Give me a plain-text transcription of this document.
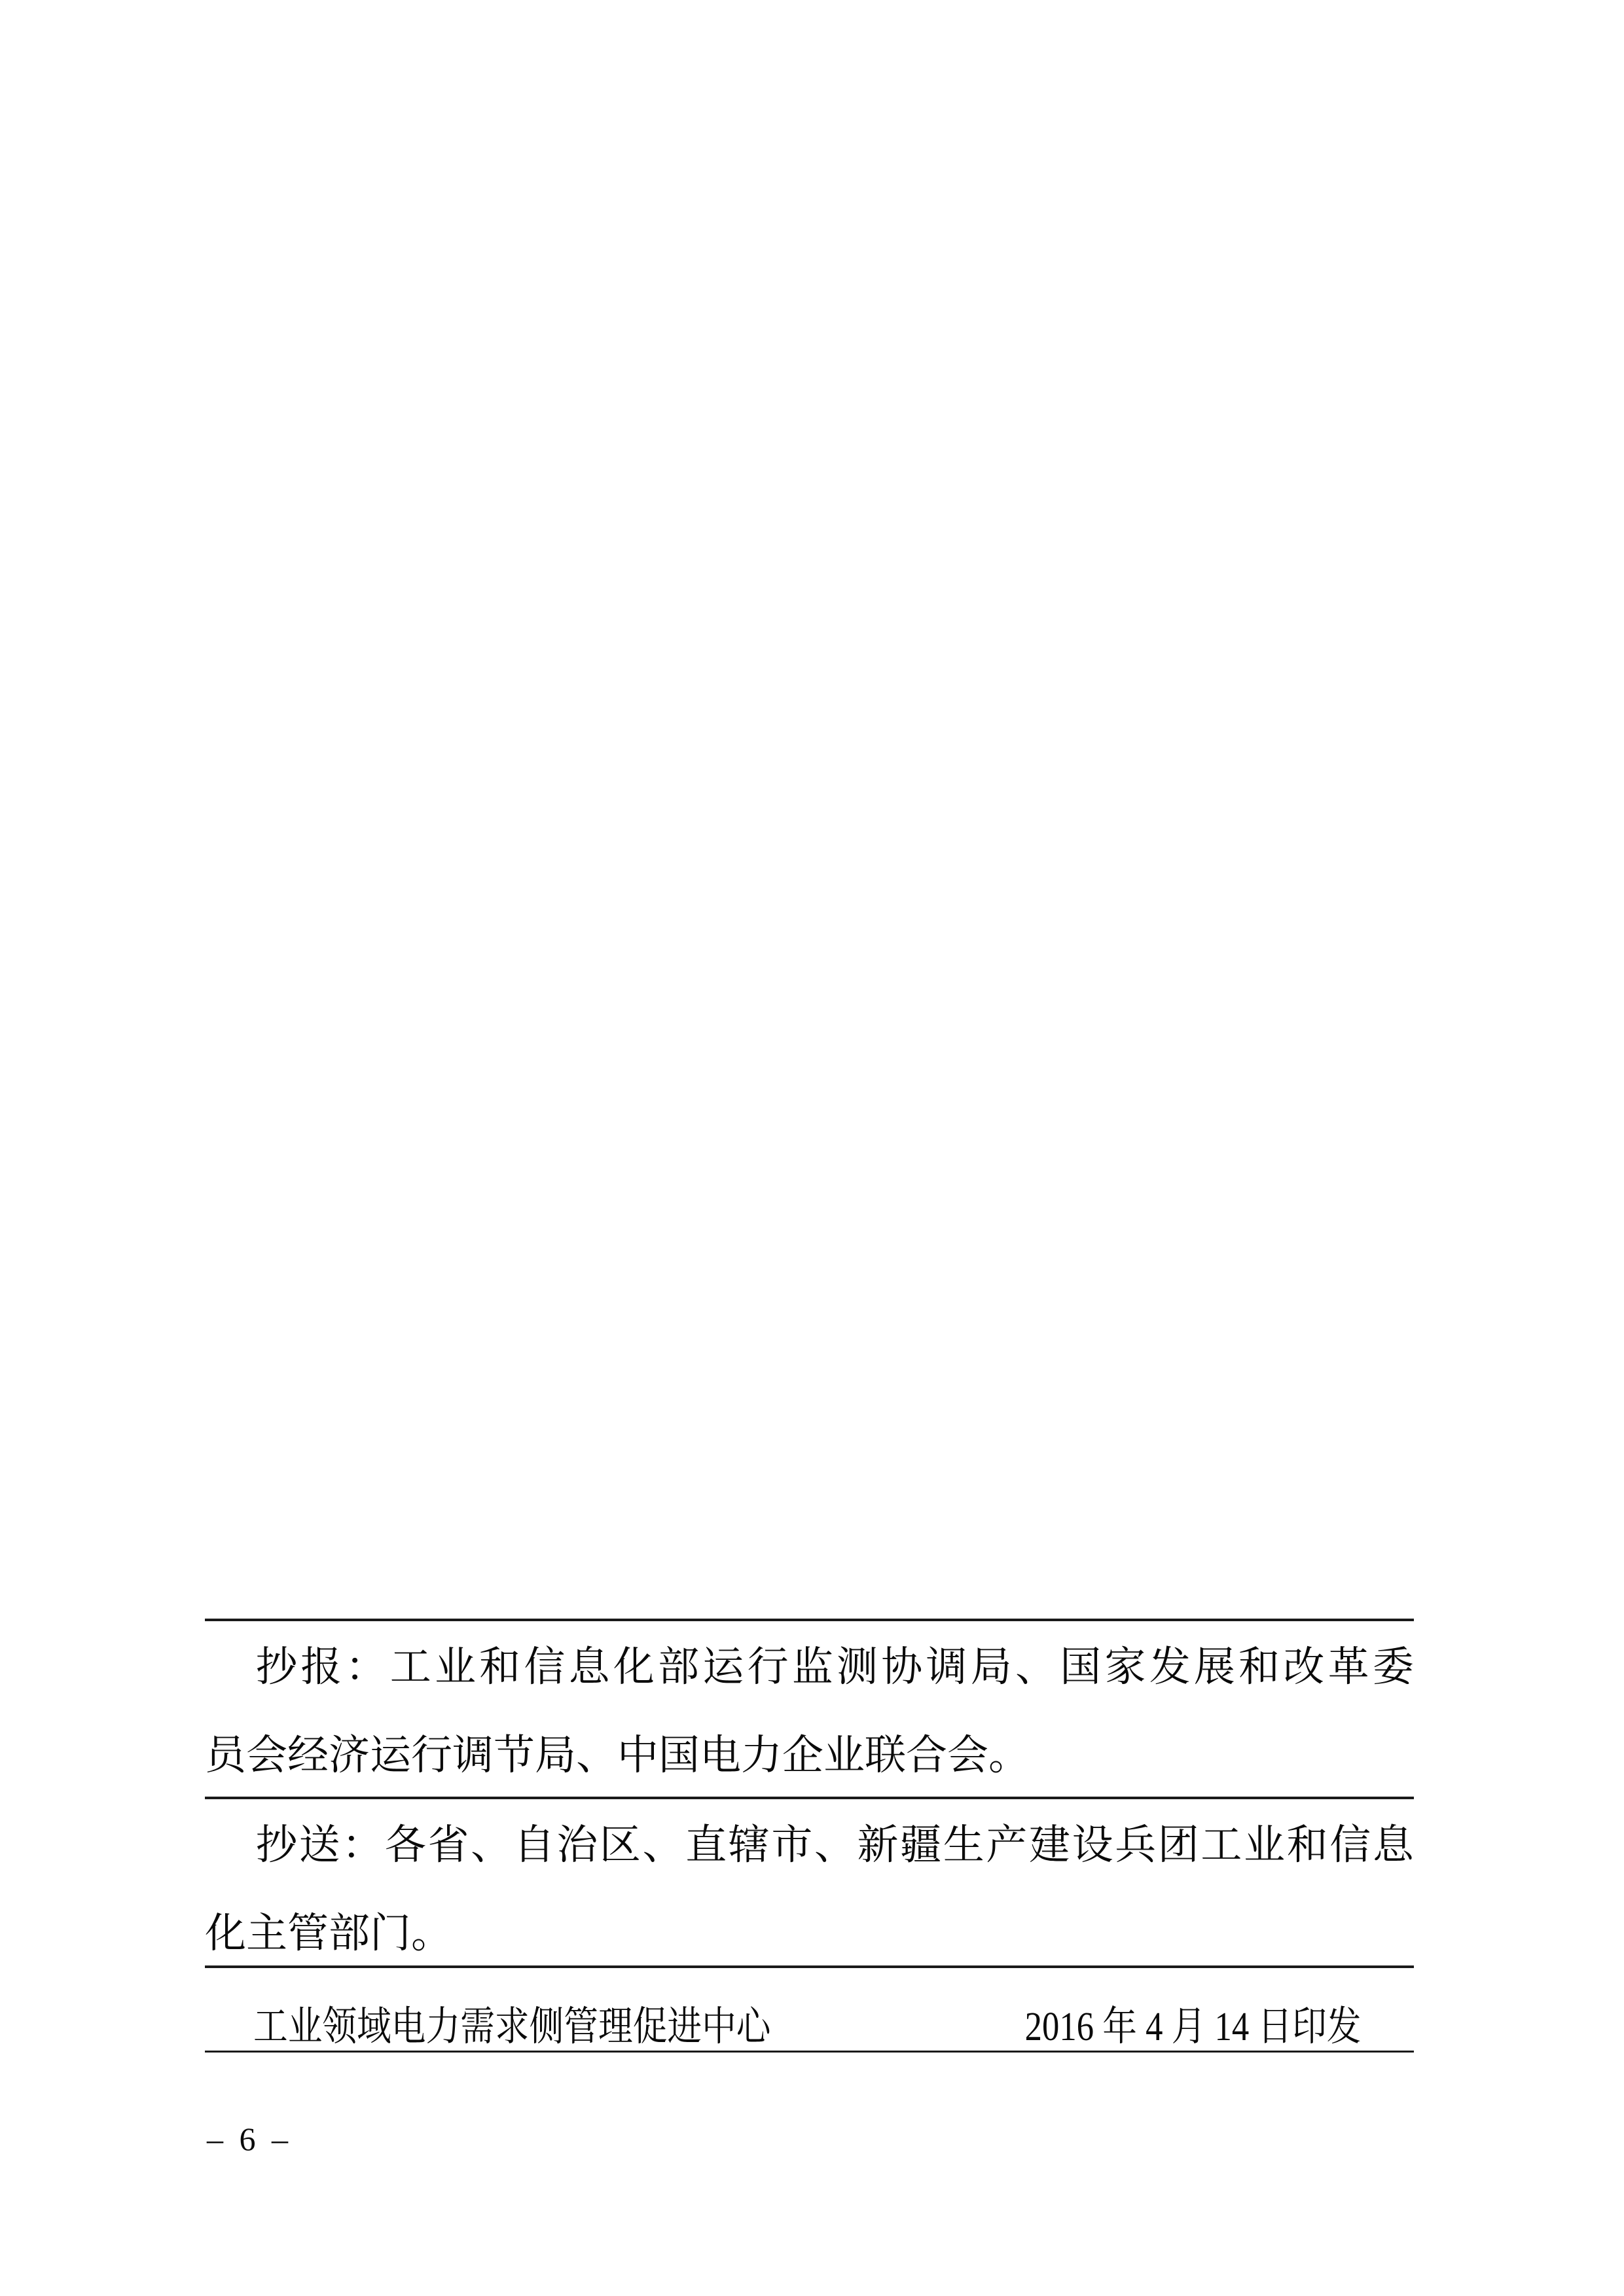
抄 报 ： 工 业 和 信 息 化 部 运 行 监 测 协 调 局 、 国 家 发 展 和 改 革 委
员会经济运行调节局、中国电力企业联合会。
抄 送 ： 各 省 、 自 治 区 、 直 辖 市 、 新 疆 生 产 建 设 兵 团 工 业 和 信 息
化主管部门。
工业领域电力需求侧管理促进中心	2016 年 4 月 14 日印发
– 6 –
